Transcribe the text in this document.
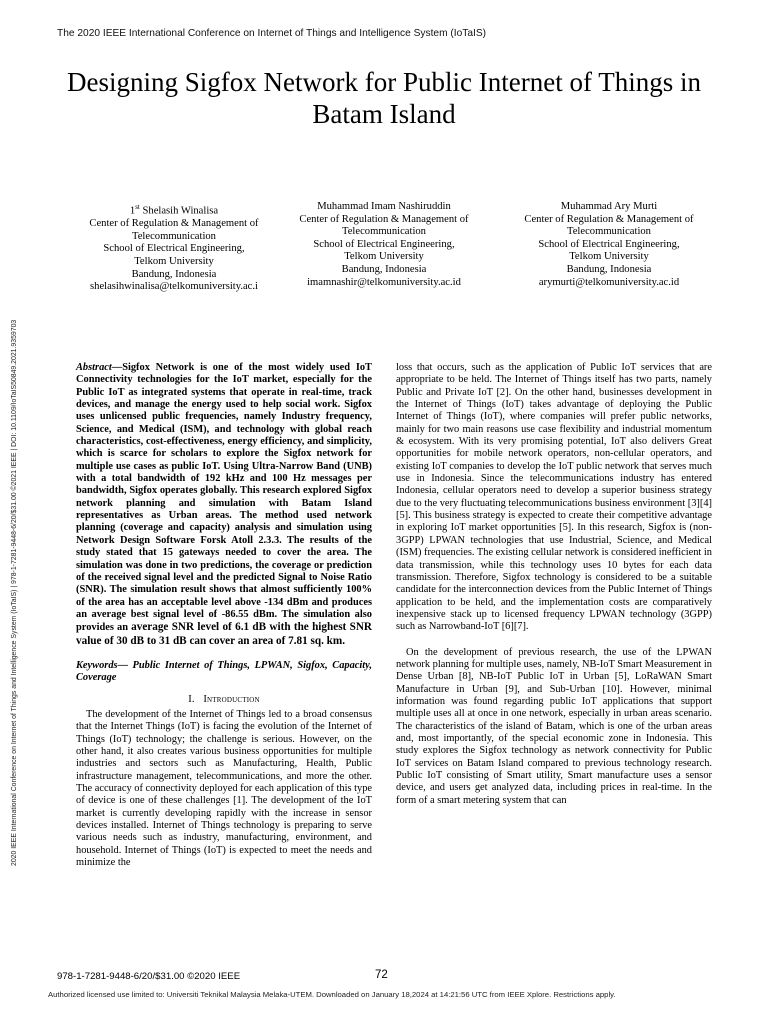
The 2020 IEEE International Conference on Internet of Things and Intelligence System (IoTaIS)
Designing Sigfox Network for Public Internet of Things in Batam Island
2020 IEEE International Conference on Internet of Things and Intelligence System (IoTaIS) | 978-1-7281-9448-6/20/$31.00 ©2021 IEEE | DOI: 10.1109/IoTaIS50849.2021.9359703
1st Shelasih Winalisa
Center of Regulation & Management of
Telecommunication
School of Electrical Engineering,
Telkom University
Bandung, Indonesia
shelasihwinalisa@telkomuniversity.ac.i
Muhammad Imam Nashiruddin
Center of Regulation & Management of
Telecommunication
School of Electrical Engineering,
Telkom University
Bandung, Indonesia
imamnashir@telkomuniversity.ac.id
Muhammad Ary Murti
Center of Regulation & Management of
Telecommunication
School of Electrical Engineering,
Telkom University
Bandung, Indonesia
arymurti@telkomuniversity.ac.id

Abstract—Sigfox Network is one of the most widely used IoT Connectivity technologies for the IoT market, especially for the Public IoT as integrated systems that operate in real-time, track devices, and manage the energy used to help social work. Sigfox uses unlicensed public frequencies, namely Industry frequency, Science, and Medical (ISM), and technology with global reach characteristics, cost-effectiveness, energy efficiency, and simplicity, which is scarce for scholars to explore the Sigfox network for multiple use cases as public IoT. Using Ultra-Narrow Band (UNB) with a total bandwidth of 192 kHz and 100 Hz messages per bandwidth, Sigfox operates globally. This research explored Sigfox network planning and simulation with Batam Island representatives as Urban areas. The method used network planning (coverage and capacity) analysis and simulation using Network Design Software Forsk Atoll 2.3.3. The results of the study stated that 15 gateways needed to cover the area. The simulation was done in two predictions, the coverage or prediction of the received signal level and the predicted Signal to Noise Ratio (SNR). The simulation result shows that almost sufficiently 100% of the area has an acceptable level above -134 dBm and produces an average best signal level of -86.55 dBm. The simulation also provides an average SNR level of 6.1 dB with the highest SNR value of 30 dB to 31 dB can cover an area of 7.81 sq. km.

Keywords— Public Internet of Things, LPWAN, Sigfox, Capacity, Coverage

I. Introduction

The development of the Internet of Things led to a broad consensus that the Internet Things (IoT) is facing the evolution of the Internet of Things (IoT) technology; the challenge is serious. However, on the other hand, it also creates various business opportunities for multiple industries and sectors such as Manufacturing, Health, Public infrastructure management, telecommunications, and more the other. The accuracy of connectivity deployed for each application of this type of device is one of these challenges [1]. The development of the IoT market is currently developing rapidly with the increase in sensor devices installed. Internet of Things technology is preparing to serve various needs such as industry, manufacturing, environment, and household. Internet of Things (IoT) is expected to meet the needs and minimize the

loss that occurs, such as the application of Public IoT services that are appropriate to be held. The Internet of Things itself has two parts, namely Public and Private IoT [2]. On the other hand, businesses development in the Internet of Things (IoT) takes advantage of deploying the Public Internet of Things (IoT), where companies will prefer public networks, mainly for two main reasons use case flexibility and industrial momentum & ecosystem. With its very promising potential, IoT also delivers Great opportunities for mobile network operators, non-cellular operators, and existing IoT companies to develop the IoT public network that serves much use in Indonesia. Since the telecommunications industry has entered Indonesia, cellular operators need to develop a superior business strategy due to the very fluctuating telecommunications business environment [3][4][5]. This business strategy is expected to create their competitive advantage in exploring IoT market opportunities [5]. In this research, Sigfox is (non-3GPP) LPWAN technologies that use Industrial, Science, and Medical (ISM) frequencies. The existing cellular network is considered inefficient in data transmission, while this technology uses 10 bytes for each data transmission. Therefore, Sigfox technology is considered to be a suitable candidate for the interconnection devices from the Public Internet of Things application to be held, and the implementation costs are comparatively inexpensive stack up to licensed frequency LPWAN technology (3GPP) such as Narrowband-IoT [6][7].

On the development of previous research, the use of the LPWAN network planning for multiple uses, namely, NB-IoT Smart Measurement in Dense Urban [8], NB-IoT Public IoT in Urban [5], LoRaWAN Smart Manufacture in Urban [9], and Sub-Urban [10]. However, minimal information was found regarding public IoT applications that support multiple uses all at once in one network, especially in urban areas scenario. The characteristics of the island of Batam, which is one of the urban areas and, most importantly, of the special economic zone in Indonesia. This study explores the Sigfox technology as network connectivity for Public IoT services on Batam Island compared to previous technology research. Public IoT consisting of Smart utility, Smart manufacture uses a sensor device, and users get analyzed data, including prices in real-time. In the form of a smart metering system that can

978-1-7281-9448-6/20/$31.00 ©2020 IEEE	72
Authorized licensed use limited to: Universiti Teknikal Malaysia Melaka-UTEM. Downloaded on January 18,2024 at 14:21:56 UTC from IEEE Xplore. Restrictions apply.
